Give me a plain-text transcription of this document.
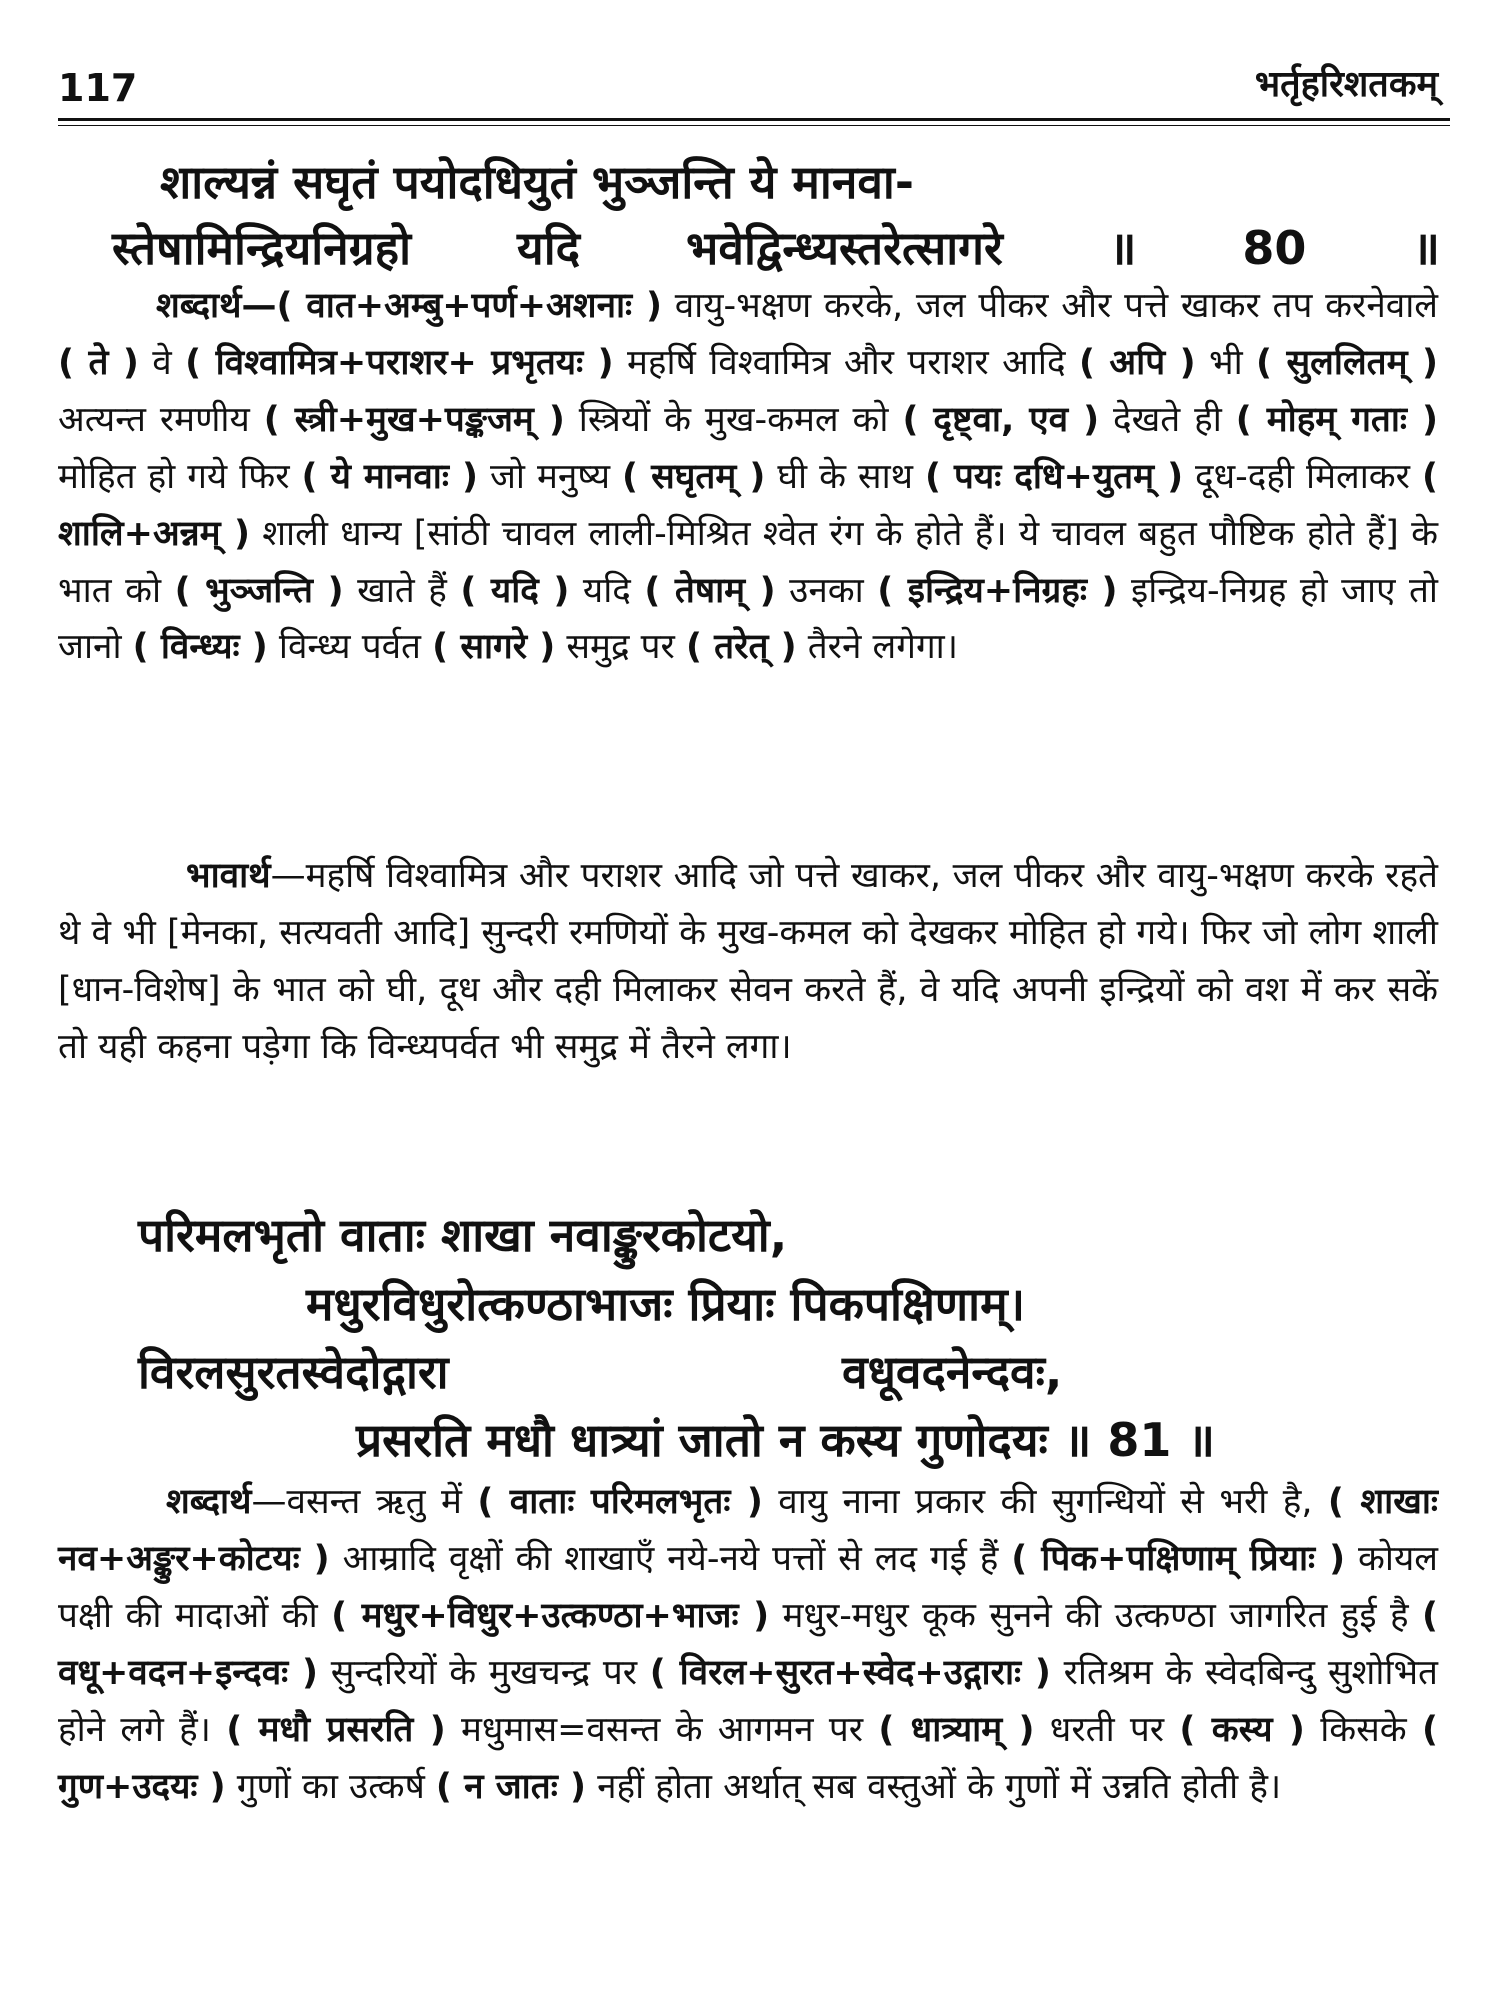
117	भर्तृहरिशतकम्
शाल्यन्नं सघृतं पयोदधियुतं भुञ्जन्ति ये मानवा-
स्तेषामिन्द्रियनिग्रहो यदि भवेद्विन्ध्यस्तरेत्सागरे ॥ 80 ॥
शब्दार्थ—( वात+अम्बु+पर्ण+अशनाः ) वायु-भक्षण करके, जल पीकर और पत्ते खाकर तप करनेवाले ( ते ) वे ( विश्वामित्र+पराशर+ प्रभृतयः ) महर्षि विश्वामित्र और पराशर आदि ( अपि ) भी ( सुललितम् ) अत्यन्त रमणीय ( स्त्री+मुख+पङ्कजम् ) स्त्रियों के मुख-कमल को ( दृष्ट्वा, एव ) देखते ही ( मोहम् गताः ) मोहित हो गये फिर ( ये मानवाः ) जो मनुष्य ( सघृतम् ) घी के साथ ( पयः दधि+युतम् ) दूध-दही मिलाकर ( शालि+अन्नम् ) शाली धान्य [सांठी चावल लाली-मिश्रित श्वेत रंग के होते हैं। ये चावल बहुत पौष्टिक होते हैं] के भात को ( भुञ्जन्ति ) खाते हैं ( यदि ) यदि ( तेषाम् ) उनका ( इन्द्रिय+निग्रहः ) इन्द्रिय-निग्रह हो जाए तो जानो ( विन्ध्यः ) विन्ध्य पर्वत ( सागरे ) समुद्र पर ( तरेत् ) तैरने लगेगा।
भावार्थ—महर्षि विश्वामित्र और पराशर आदि जो पत्ते खाकर, जल पीकर और वायु-भक्षण करके रहते थे वे भी [मेनका, सत्यवती आदि] सुन्दरी रमणियों के मुख-कमल को देखकर मोहित हो गये। फिर जो लोग शाली [धान-विशेष] के भात को घी, दूध और दही मिलाकर सेवन करते हैं, वे यदि अपनी इन्द्रियों को वश में कर सकें तो यही कहना पड़ेगा कि विन्ध्यपर्वत भी समुद्र में तैरने लगा।
परिमलभृतो वाताः शाखा नवाङ्कुरकोटयो,
मधुरविधुरोत्कण्ठाभाजः प्रियाः पिकपक्षिणाम्।
विरलसुरतस्वेदोद्गारा	वधूवदनेन्दवः,
प्रसरति मधौ धात्र्यां जातो न कस्य गुणोदयः ॥ 81 ॥
शब्दार्थ—वसन्त ऋतु में ( वाताः परिमलभृतः ) वायु नाना प्रकार की सुगन्धियों से भरी है, ( शाखाः नव+अङ्कुर+कोटयः ) आम्रादि वृक्षों की शाखाएँ नये-नये पत्तों से लद गई हैं ( पिक+पक्षिणाम् प्रियाः ) कोयल पक्षी की मादाओं की ( मधुर+विधुर+उत्कण्ठा+भाजः ) मधुर-मधुर कूक सुनने की उत्कण्ठा जागरित हुई है ( वधू+वदन+इन्दवः ) सुन्दरियों के मुखचन्द्र पर ( विरल+सुरत+स्वेद+उद्गाराः ) रतिश्रम के स्वेदबिन्दु सुशोभित होने लगे हैं। ( मधौ प्रसरति ) मधुमास=वसन्त के आगमन पर ( धात्र्याम् ) धरती पर ( कस्य ) किसके ( गुण+उदयः ) गुणों का उत्कर्ष ( न जातः ) नहीं होता अर्थात् सब वस्तुओं के गुणों में उन्नति होती है।
